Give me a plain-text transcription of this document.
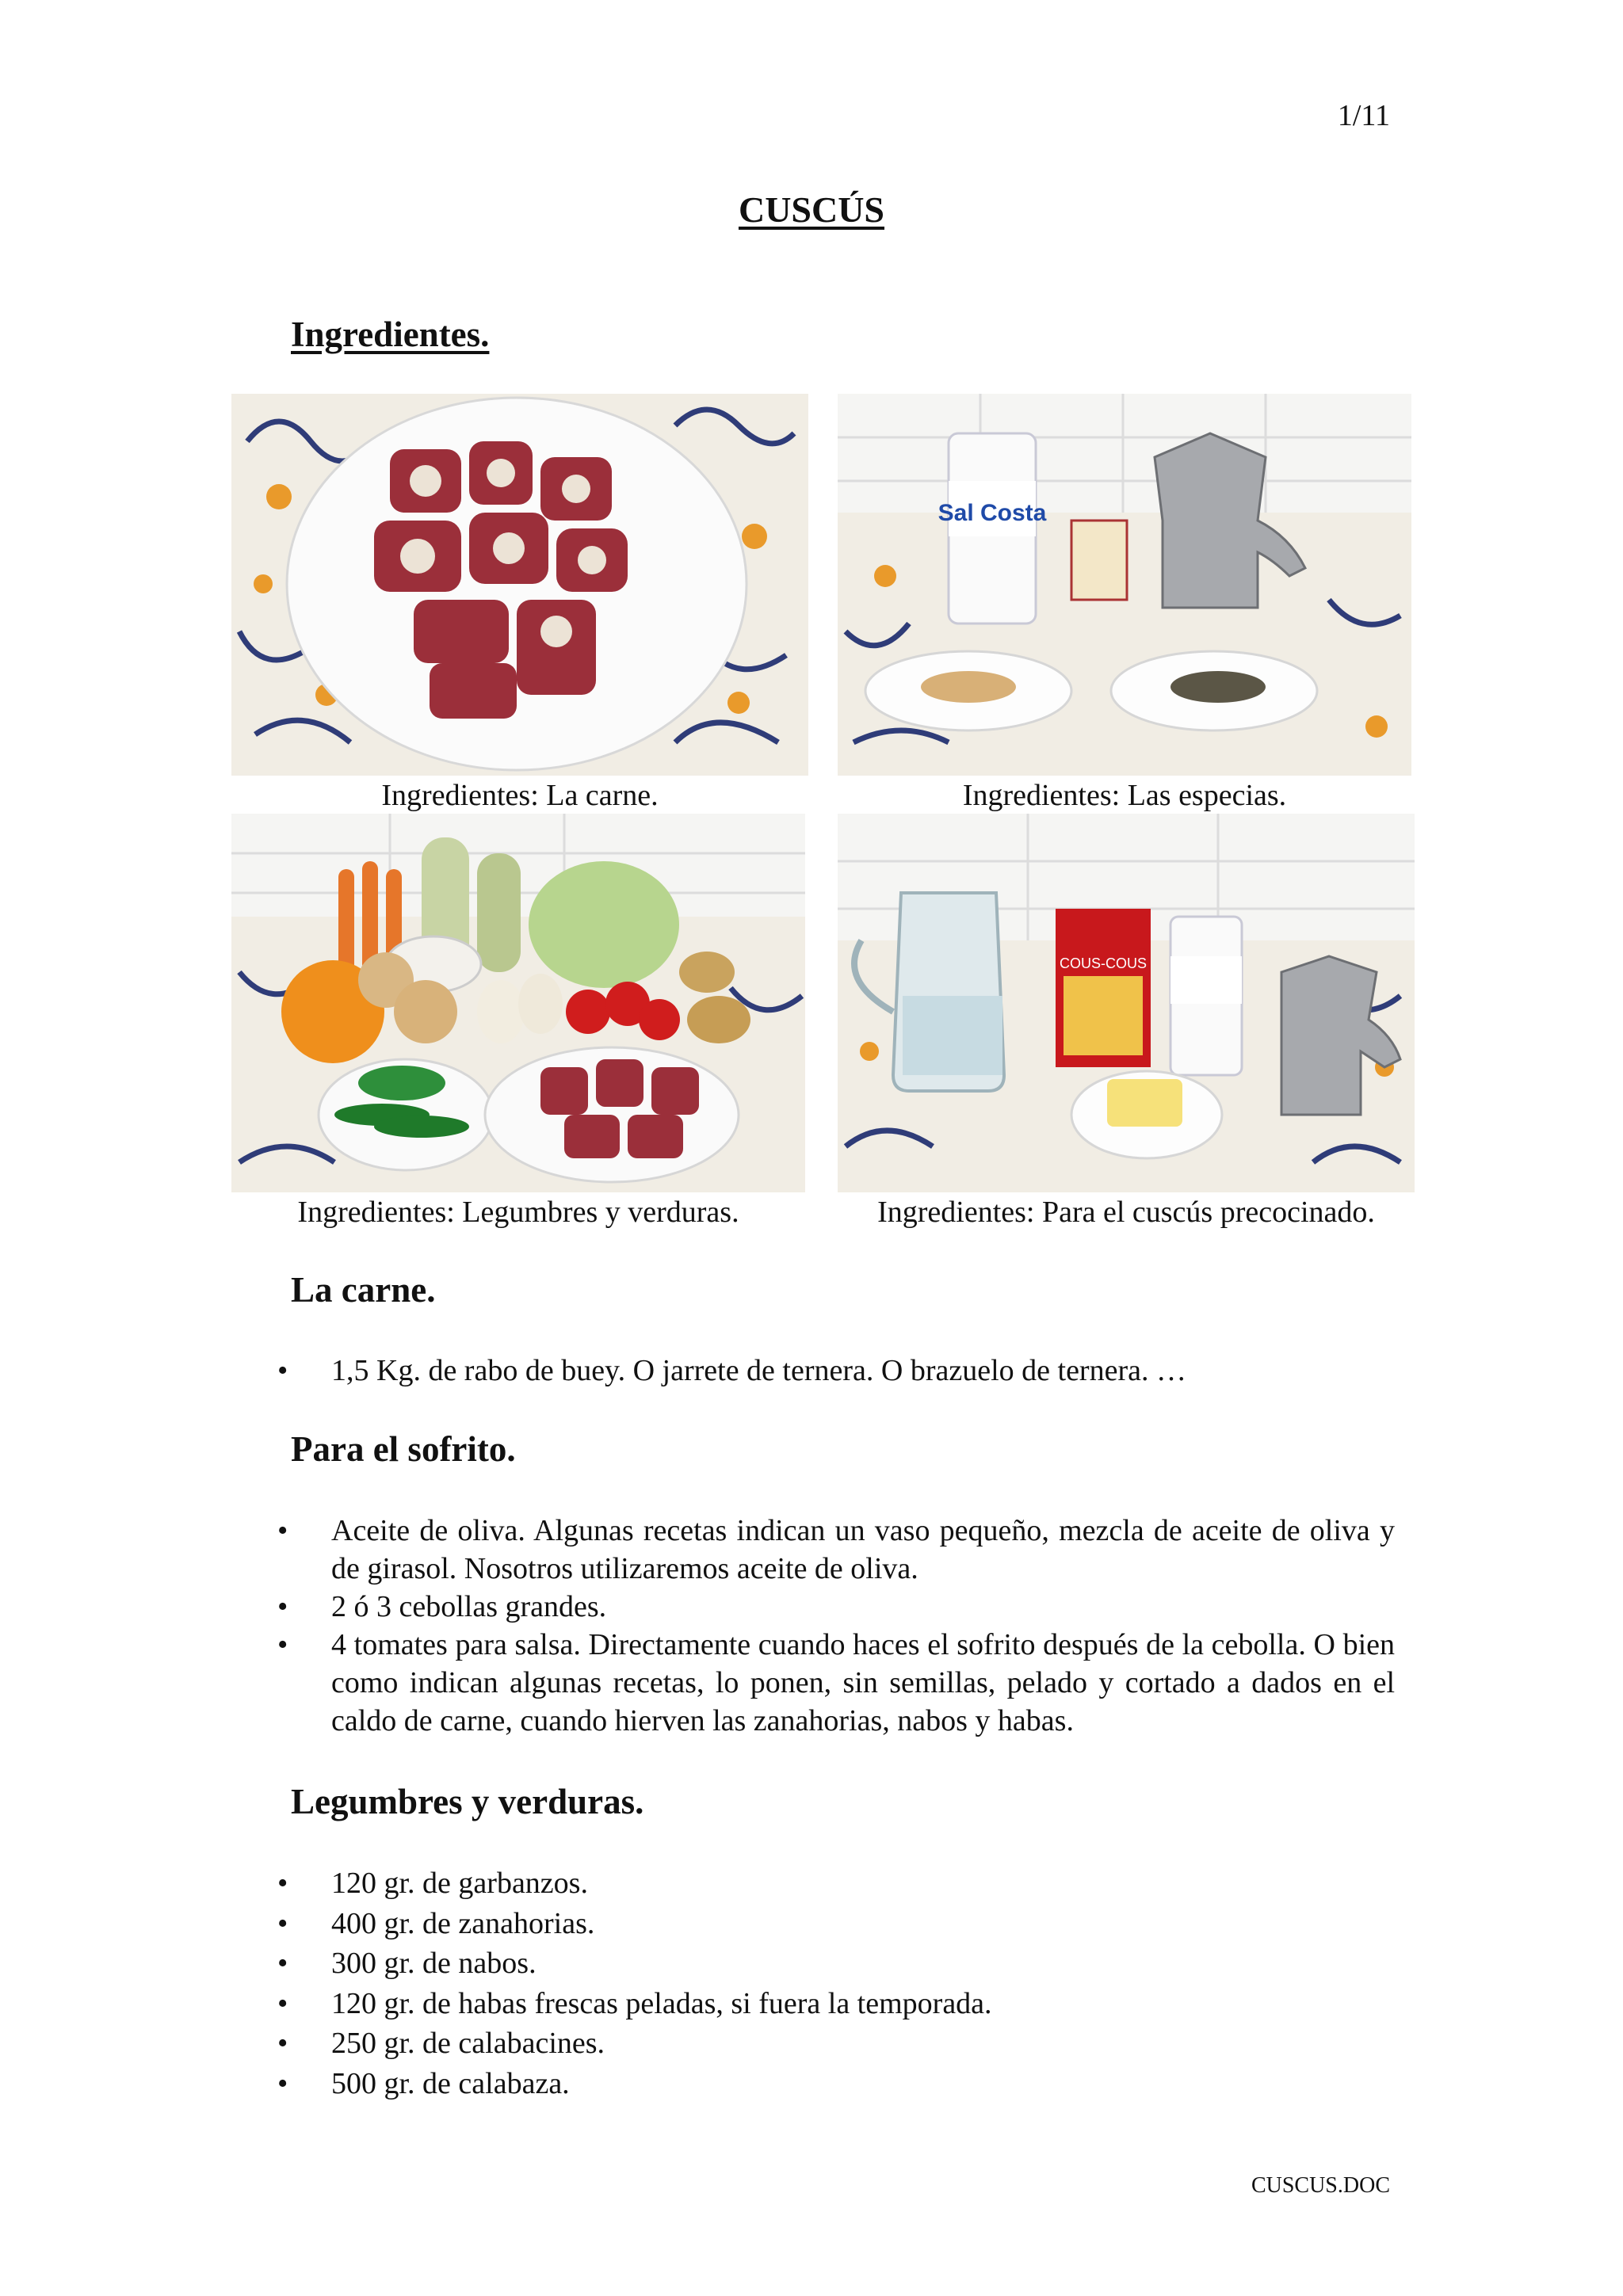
1/11
CUSCÚS
Ingredientes.
Ingredientes: La carne.
Sal Costa
Ingredientes: Las especias.
Ingredientes: Legumbres y verduras.
COUS-COUS
Ingredientes: Para el cuscús precocinado.
La carne.
• 1,5 Kg. de rabo de buey. O jarrete de ternera. O brazuelo de ternera. …
Para el sofrito.
• Aceite de oliva. Algunas recetas indican un vaso pequeño, mezcla de aceite de oliva y de girasol. Nosotros utilizaremos aceite de oliva.
• 2 ó 3 cebollas grandes.
• 4 tomates para salsa. Directamente cuando haces el sofrito después de la cebolla. O bien como indican algunas recetas, lo ponen, sin semillas, pelado y cortado a dados en el caldo de carne, cuando hierven las zanahorias, nabos y habas.
Legumbres y verduras.
• 120 gr. de garbanzos.
• 400 gr. de zanahorias.
• 300 gr. de nabos.
• 120 gr. de habas frescas peladas, si fuera la temporada.
• 250 gr. de calabacines.
• 500 gr. de calabaza.
CUSCUS.DOC
